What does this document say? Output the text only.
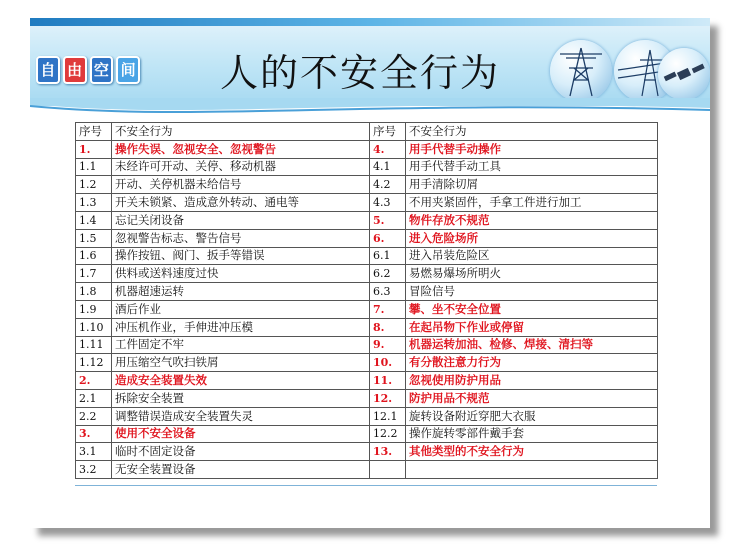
自 由 空 间 人的不安全行为
序号	不安全行为	序号	不安全行为
1.	操作失误、忽视安全、忽视警告	4.	用手代替手动操作
1.1	未经许可开动、关停、移动机器	4.1	用手代替手动工具
1.2	开动、关停机器未给信号	4.2	用手清除切屑
1.3	开关未锁紧、造成意外转动、通电等	4.3	不用夹紧固件，手拿工件进行加工
1.4	忘记关闭设备	5.	物件存放不规范
1.5	忽视警告标志、警告信号	6.	进入危险场所
1.6	操作按钮、阀门、扳手等错误	6.1	进入吊装危险区
1.7	供料或送料速度过快	6.2	易燃易爆场所明火
1.8	机器超速运转	6.3	冒险信号
1.9	酒后作业	7.	攀、坐不安全位置
1.10	冲压机作业，手伸进冲压模	8.	在起吊物下作业或停留
1.11	工件固定不牢	9.	机器运转加油、检修、焊接、清扫等
1.12	用压缩空气吹扫铁屑	10.	有分散注意力行为
2.	造成安全装置失效	11.	忽视使用防护用品
2.1	拆除安全装置	12.	防护用品不规范
2.2	调整错误造成安全装置失灵	12.1	旋转设备附近穿肥大衣服
3.	使用不安全设备	12.2	操作旋转零部件戴手套
3.1	临时不固定设备	13.	其他类型的不安全行为
3.2	无安全装置设备		
